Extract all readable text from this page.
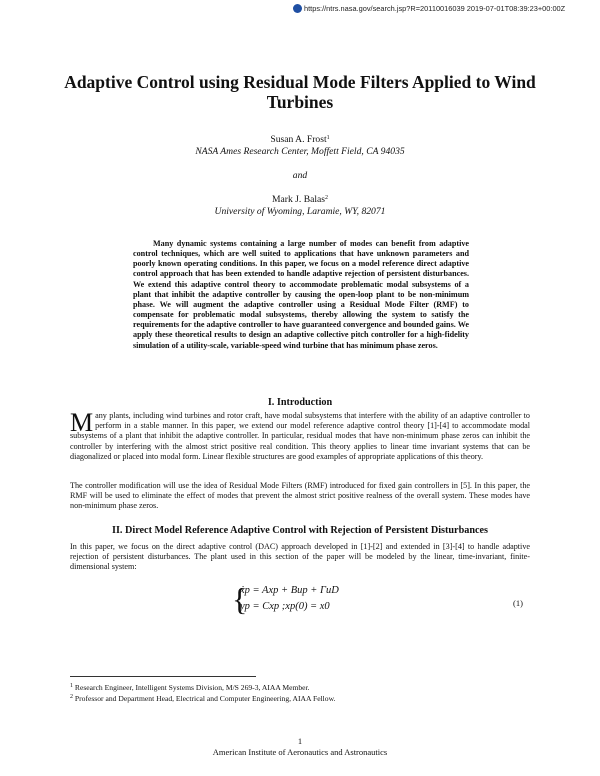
https://ntrs.nasa.gov/search.jsp?R=20110016039 2019-07-01T08:39:23+00:00Z
Adaptive Control using Residual Mode Filters Applied to Wind Turbines
Susan A. Frost$^1$
NASA Ames Research Center, Moffett Field, CA 94035
and
Mark J. Balas$^2$
University of Wyoming, Laramie, WY, 82071

Many dynamic systems containing a large number of modes can benefit from adaptive control techniques, which are well suited to applications that have unknown parameters and poorly known operating conditions. In this paper, we focus on a model reference direct adaptive control approach that has been extended to handle adaptive rejection of persistent disturbances. We extend this adaptive control theory to accommodate problematic modal subsystems of a plant that inhibit the adaptive controller by causing the open-loop plant to be non-minimum phase. We will augment the adaptive controller using a Residual Mode Filter (RMF) to compensate for problematic modal subsystems, thereby allowing the system to satisfy the requirements for the adaptive controller to have guaranteed convergence and bounded gains. We apply these theoretical results to design an adaptive collective pitch controller for a high-fidelity simulation of a utility-scale, variable-speed wind turbine that has minimum phase zeros.

I. Introduction

Many plants, including wind turbines and rotor craft, have modal subsystems that interfere with the ability of an adaptive controller to perform in a stable manner. In this paper, we extend our model reference adaptive control theory [1]-[4] to accommodate modal subsystems of a plant that inhibit the adaptive controller. In particular, residual modes that have non-minimum phase zeros can inhibit the controller by interfering with the almost strict positive real condition. This theory applies to linear time invariant systems that can be diagonalized or placed into modal form. Linear flexible structures are good examples of appropriate applications of this theory.

The controller modification will use the idea of Residual Mode Filters (RMF) introduced for fixed gain controllers in [5]. In this paper, the RMF will be used to eliminate the effect of modes that prevent the almost strict positive realness of the overall system. These modes have non-minimum phase zeros.

II. Direct Model Reference Adaptive Control with Rejection of Persistent Disturbances

In this paper, we focus on the direct adaptive control (DAC) approach developed in [1]-[2] and extended in [3]-[4] to handle adaptive rejection of persistent disturbances. The plant used in this section of the paper will be modeled by the linear, time-invariant, finite-dimensional system:

{
ẋp = Axp + Bup + ΓuD
yp = Cxp ;xp(0) = x0	(1)
$^1$ Research Engineer, Intelligent Systems Division, M/S 269-3, AIAA Member.
$^2$ Professor and Department Head, Electrical and Computer Engineering, AIAA Fellow.
1
American Institute of Aeronautics and Astronautics
